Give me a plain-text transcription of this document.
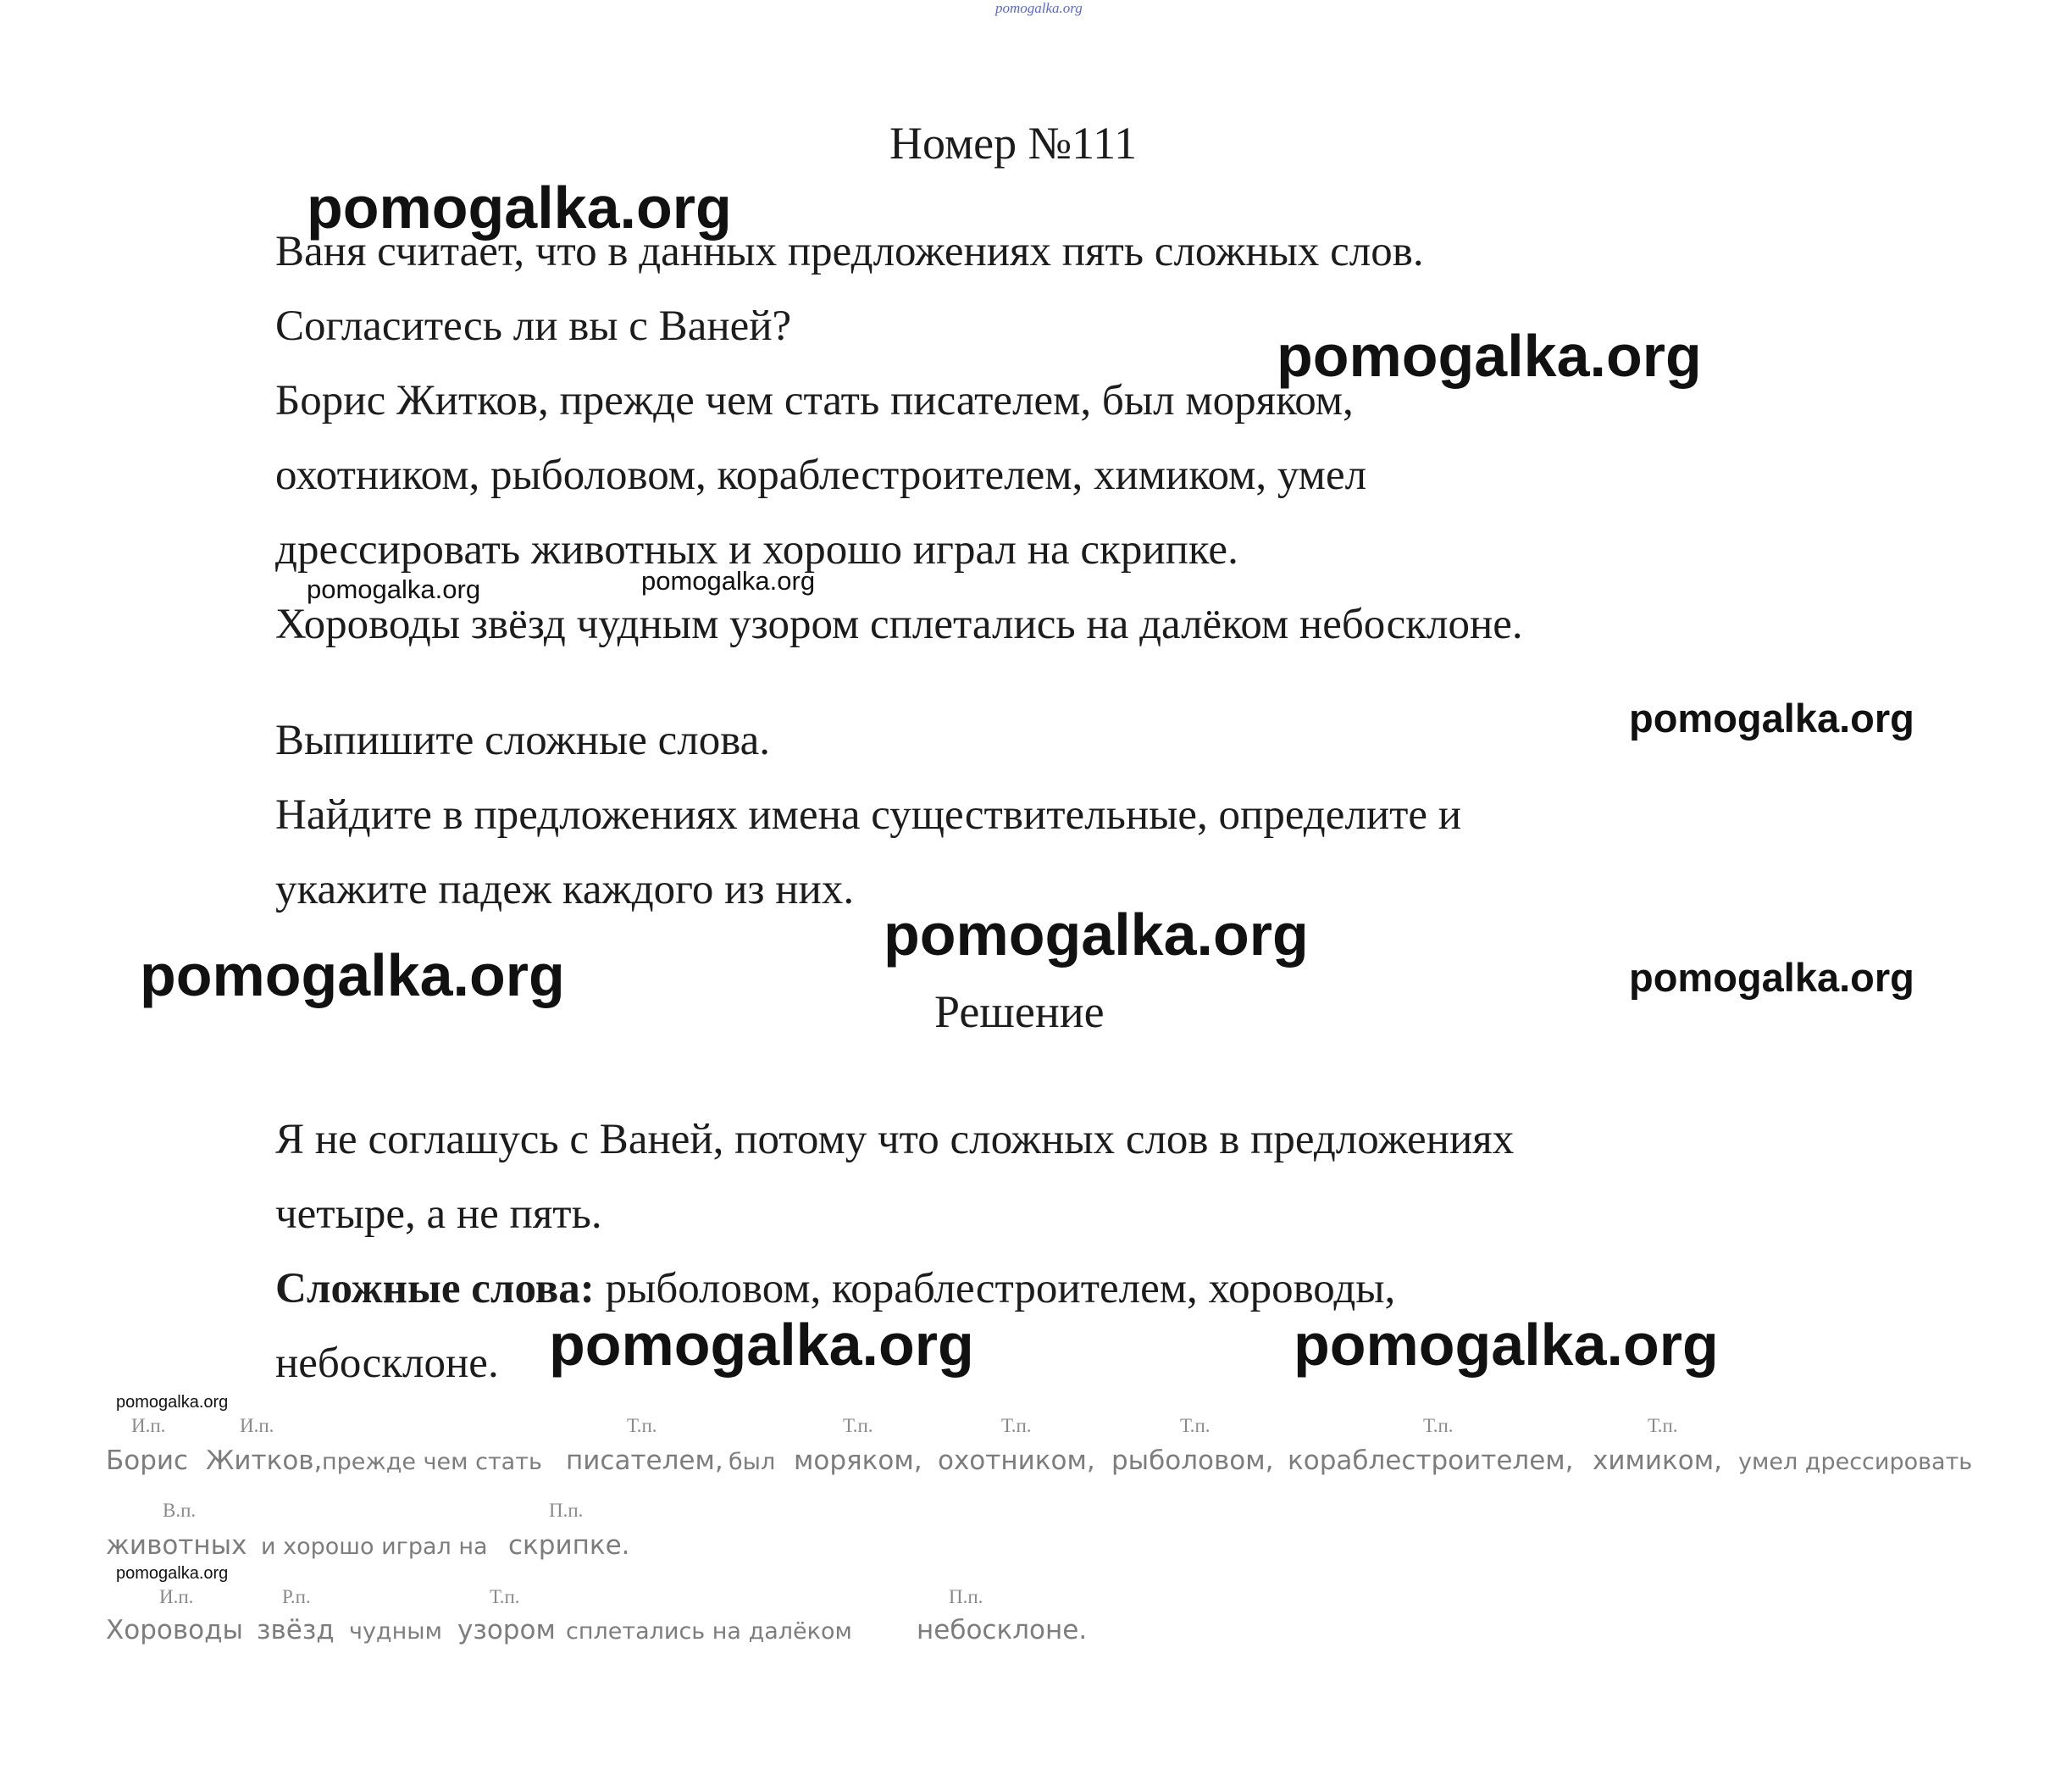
pomogalka.org
Номер №111
Ваня считает, что в данных предложениях пять сложных слов.
Согласитесь ли вы с Ваней?
Борис Житков, прежде чем стать писателем, был моряком,
охотником, рыболовом, кораблестроителем, химиком, умел
дрессировать животных и хорошо играл на скрипке.
Хороводы звёзд чудным узором сплетались на далёком небосклоне.
Выпишите сложные слова.
Найдите в предложениях имена существительные, определите и
укажите падеж каждого из них.
Решение
Я не соглашусь с Ваней, потому что сложных слов в предложениях
четыре, а не пять.
Сложные слова: рыболовом, кораблестроителем, хороводы,
небосклоне.
pomogalka.org
pomogalka.org
pomogalka.org	pomogalka.org
pomogalka.org
pomogalka.org
pomogalka.org	pomogalka.org
pomogalka.org	pomogalka.org
pomogalka.org
pomogalka.org
И.п.	И.п.	Т.п.	Т.п.	Т.п.	Т.п.	Т.п.	Т.п.
Борис Житков, прежде чем стать писателем, был моряком, охотником, рыболовом, кораблестроителем, химиком, умел дрессировать
В.п.	П.п.
животных и хорошо играл на скрипке.
И.п.	Р.п.	Т.п.	П.п.
Хороводы звёзд чудным узором сплетались на далёком небосклоне.
